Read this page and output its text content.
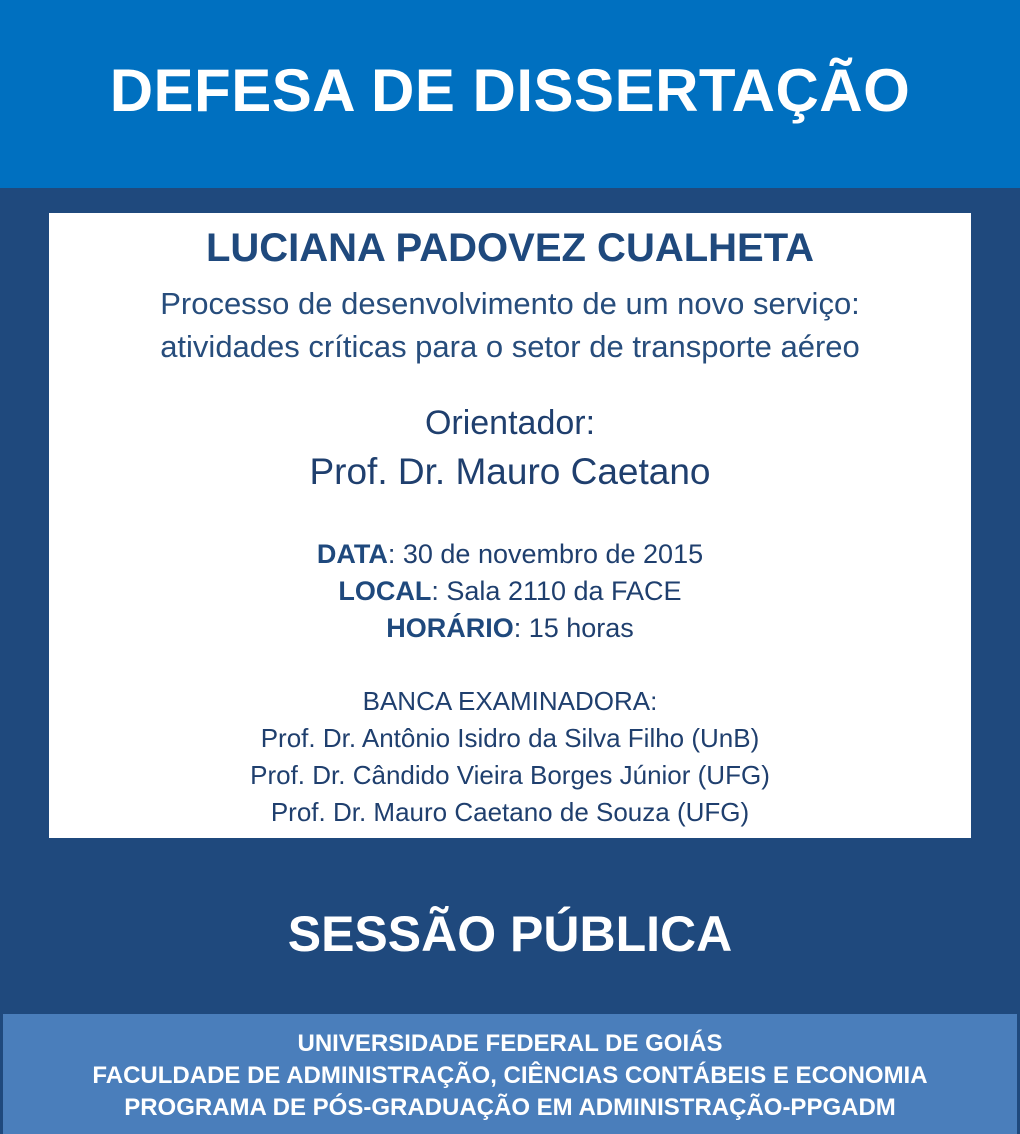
DEFESA DE DISSERTAÇÃO
LUCIANA PADOVEZ CUALHETA
Processo de desenvolvimento de um novo serviço:
atividades críticas para o setor de transporte aéreo
Orientador:
Prof. Dr. Mauro Caetano
DATA: 30 de novembro de 2015
LOCAL: Sala 2110 da FACE
HORÁRIO: 15 horas
BANCA EXAMINADORA:
Prof. Dr. Antônio Isidro da Silva Filho (UnB)
Prof. Dr. Cândido Vieira Borges Júnior (UFG)
Prof. Dr. Mauro Caetano de Souza (UFG)
SESSÃO PÚBLICA
UNIVERSIDADE FEDERAL DE GOIÁS
FACULDADE DE ADMINISTRAÇÃO, CIÊNCIAS CONTÁBEIS E ECONOMIA
PROGRAMA DE PÓS-GRADUAÇÃO EM ADMINISTRAÇÃO-PPGADM
